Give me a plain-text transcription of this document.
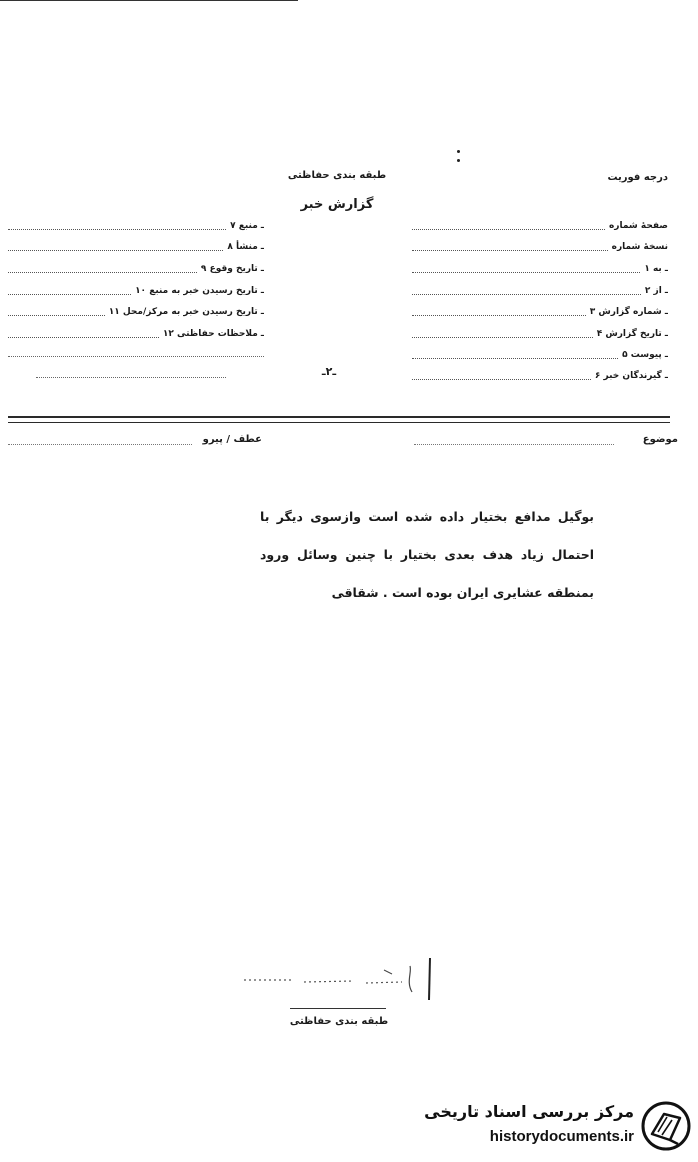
طبقه بندی حفاظتی	درجه فوریت
گزارش خبر
صفحهٔ شماره
نسخهٔ شماره
۱ ـ به
۲ ـ از
۳ ـ شماره گزارش
۴ ـ تاریخ گزارش
۵ ـ پیوست
۶ ـ گیرندگان خبر
۷ ـ منبع
۸ ـ منشأ
۹ ـ تاریخ وقوع
۱۰ ـ تاریخ رسیدن خبر به منبع
۱۱ ـ تاریخ رسیدن خبر به مرکز/محل
۱۲ ـ ملاحظات حفاظتی
ـ۲ـ
موضوع
عطف / پیرو
بوگیل مدافع بختیار داده شده است وازسوی دیگر با احتمال زیاد هدف بعدی بختیار با چنین وسائل ورود بمنطقه عشایری ایران بوده است . شقاقی
طبقه بندی حفاظتی
مرکز بررسی اسناد تاریخی
historydocuments.ir
